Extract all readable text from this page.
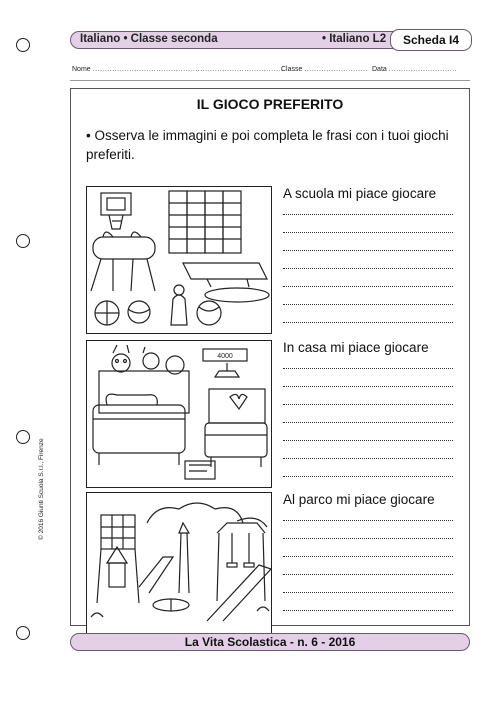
Italiano • Classe seconda	• Italiano L2	Scheda I4
Nome ..............................................................................
Classe .......................... Data ............................
IL GIOCO PREFERITO
• Osserva le immagini e poi completa le frasi con i tuoi giochi preferiti.
A scuola mi piace giocare
4000
In casa mi piace giocare
Al parco mi piace giocare
© 2016 Giunti Scuola S.r.l., Firenze
La Vita Scolastica - n. 6 - 2016
